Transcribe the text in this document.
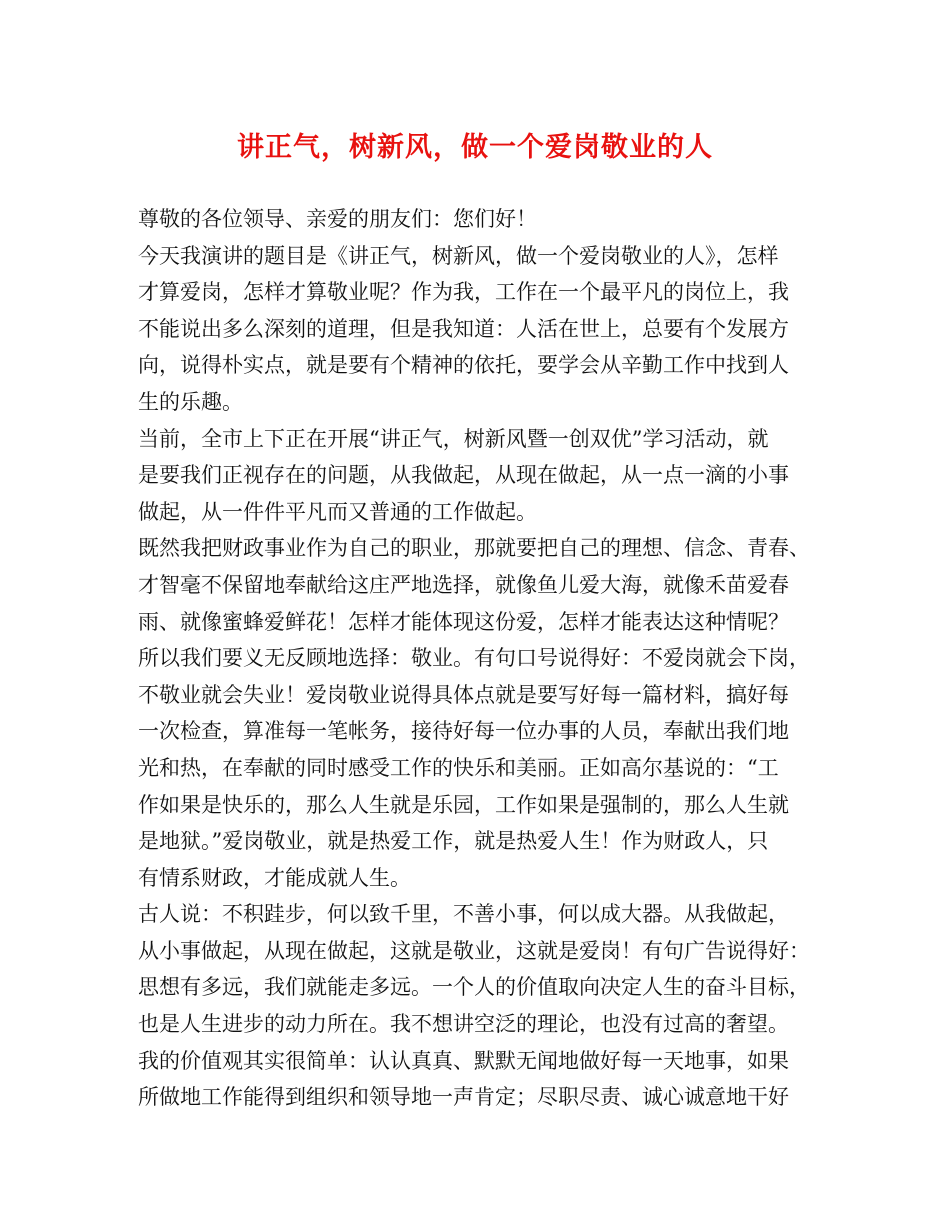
讲正气，树新风，做一个爱岗敬业的人
尊敬的各位领导、亲爱的朋友们：您们好！
今天我演讲的题目是《讲正气，树新风，做一个爱岗敬业的人》，怎样
才算爱岗，怎样才算敬业呢？作为我，工作在一个最平凡的岗位上，我
不能说出多么深刻的道理，但是我知道：人活在世上，总要有个发展方
向，说得朴实点，就是要有个精神的依托，要学会从辛勤工作中找到人
生的乐趣。
当前，全市上下正在开展“讲正气，树新风暨一创双优”学习活动，就
是要我们正视存在的问题，从我做起，从现在做起，从一点一滴的小事
做起，从一件件平凡而又普通的工作做起。
既然我把财政事业作为自己的职业，那就要把自己的理想、信念、青春、
才智毫不保留地奉献给这庄严地选择，就像鱼儿爱大海，就像禾苗爱春
雨、就像蜜蜂爱鲜花！怎样才能体现这份爱，怎样才能表达这种情呢？
所以我们要义无反顾地选择：敬业。有句口号说得好：不爱岗就会下岗，
不敬业就会失业！爱岗敬业说得具体点就是要写好每一篇材料，搞好每
一次检查，算准每一笔帐务，接待好每一位办事的人员，奉献出我们地
光和热，在奉献的同时感受工作的快乐和美丽。正如高尔基说的：“工
作如果是快乐的，那么人生就是乐园，工作如果是强制的，那么人生就
是地狱。”爱岗敬业，就是热爱工作，就是热爱人生！作为财政人，只
有情系财政，才能成就人生。
古人说：不积跬步，何以致千里，不善小事，何以成大器。从我做起，
从小事做起，从现在做起，这就是敬业，这就是爱岗！有句广告说得好：
思想有多远，我们就能走多远。一个人的价值取向决定人生的奋斗目标，
也是人生进步的动力所在。我不想讲空泛的理论，也没有过高的奢望。
我的价值观其实很简单：认认真真、默默无闻地做好每一天地事，如果
所做地工作能得到组织和领导地一声肯定；尽职尽责、诚心诚意地干好
